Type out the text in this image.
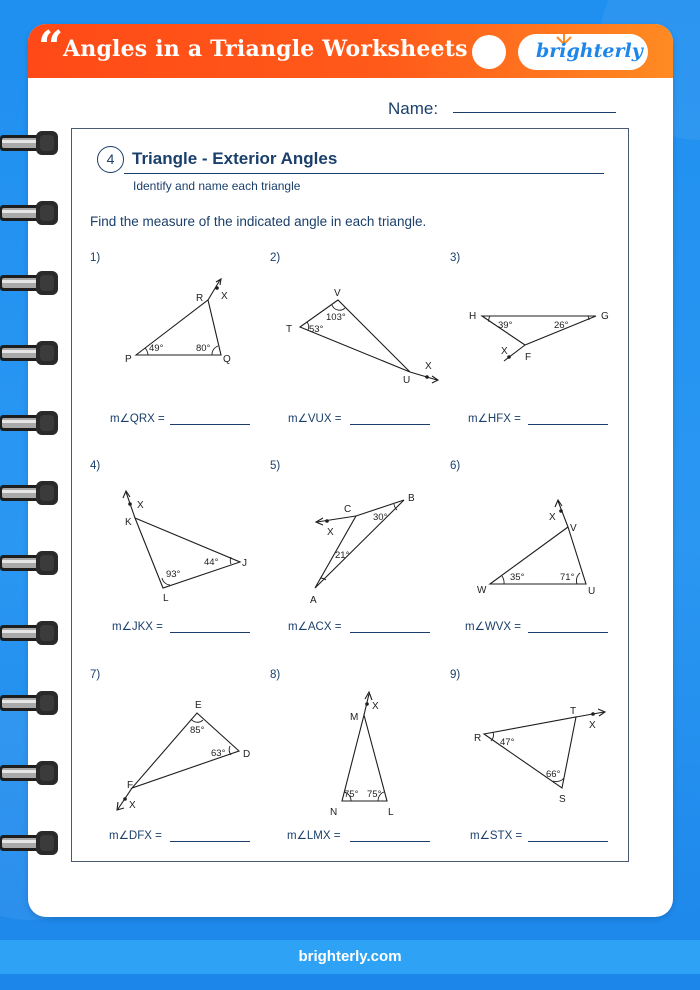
“ Angles in a Triangle Worksheets	brighterly
Name:
4	Triangle - Exterior Angles
Identify and name each triangle
Find the measure of the indicated angle in each triangle.
1)
R X
P	Q
49°	80°
m∠QRX =
2)
V
T
U
X
103°
53°
m∠VUX =
3)
H	G
X
F
39°	26°
m∠HFX =
4)
X
K
J
L
44°
93°
m∠JKX =
5)
B
C
X
A
30°
21°
m∠ACX =
6)
X
V
W	U
35°	71°
m∠WVX =
7)
E
D
F
X
85°
63°
m∠DFX =
8)
X
M
N	L
75° 75°
m∠LMX =
9)
T
X
R
S
47°
66°
m∠STX =
brighterly.com
